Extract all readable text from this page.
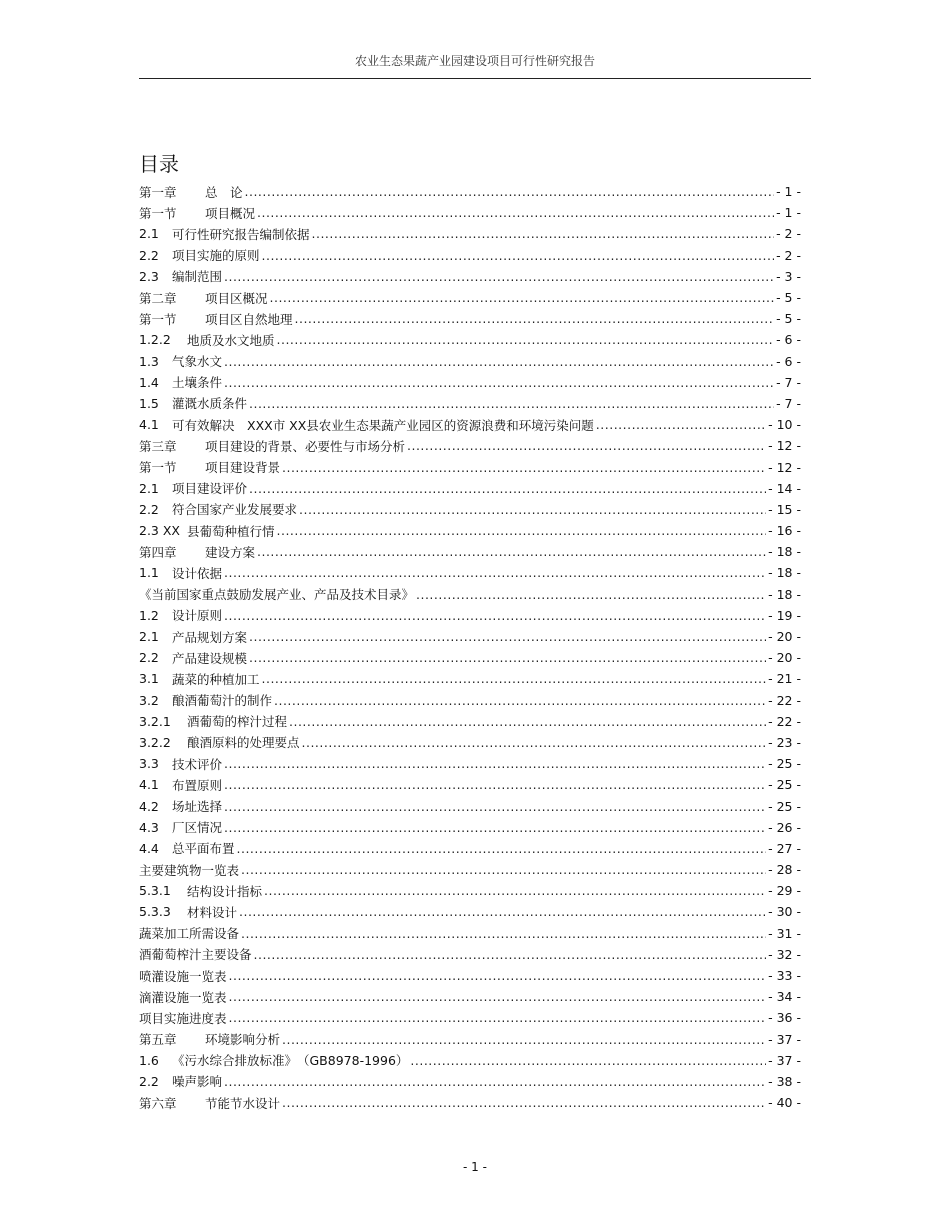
农业生态果蔬产业园建设项目可行性研究报告
目录
第一章	总　论 .....	- 1 -
第一节	项目概况 .....	- 1 -
2.1	可行性研究报告编制依据 .....	- 2 -
2.2	项目实施的原则 .....	- 2 -
2.3	编制范围 .....	- 3 -
第二章	项目区概况 .....	- 5 -
第一节	项目区自然地理 .....	- 5 -
1.2.2	地质及水文地质 .....	- 6 -
1.3	气象水文 .....	- 6 -
1.4	土壤条件 .....	- 7 -
1.5	灌溉水质条件 .....	- 7 -
4.1	可有效解决　XXX市 XX县农业生态果蔬产业园区的资源浪费和环境污染问题 .....	- 10 -
第三章	项目建设的背景、必要性与市场分析 .....	- 12 -
第一节	项目建设背景 .....	- 12 -
2.1	项目建设评价 .....	- 14 -
2.2	符合国家产业发展要求 .....	- 15 -
2.3 XX 县葡萄种植行情 .....	- 16 -
第四章	建设方案 .....	- 18 -
1.1	设计依据 .....	- 18 -
《当前国家重点鼓励发展产业、产品及技术目录》 .....	- 18 -
1.2	设计原则 .....	- 19 -
2.1	产品规划方案 .....	- 20 -
2.2	产品建设规模 .....	- 20 -
3.1	蔬菜的种植加工 .....	- 21 -
3.2	酿酒葡萄汁的制作 .....	- 22 -
3.2.1	酒葡萄的榨汁过程 .....	- 22 -
3.2.2	酿酒原料的处理要点 .....	- 23 -
3.3	技术评价 .....	- 25 -
4.1	布置原则 .....	- 25 -
4.2	场址选择 .....	- 25 -
4.3	厂区情况 .....	- 26 -
4.4	总平面布置 .....	- 27 -
主要建筑物一览表 .....	- 28 -
5.3.1	结构设计指标 .....	- 29 -
5.3.3	材料设计 .....	- 30 -
蔬菜加工所需设备 .....	- 31 -
酒葡萄榨汁主要设备 .....	- 32 -
喷灌设施一览表 .....	- 33 -
滴灌设施一览表 .....	- 34 -
项目实施进度表 .....	- 36 -
第五章	环境影响分析 .....	- 37 -
1.6	《污水综合排放标准》　（GB8978-1996） .....	- 37 -
2.2	噪声影响 .....	- 38 -
第六章	节能节水设计 .....	- 40 -
- 1 -
